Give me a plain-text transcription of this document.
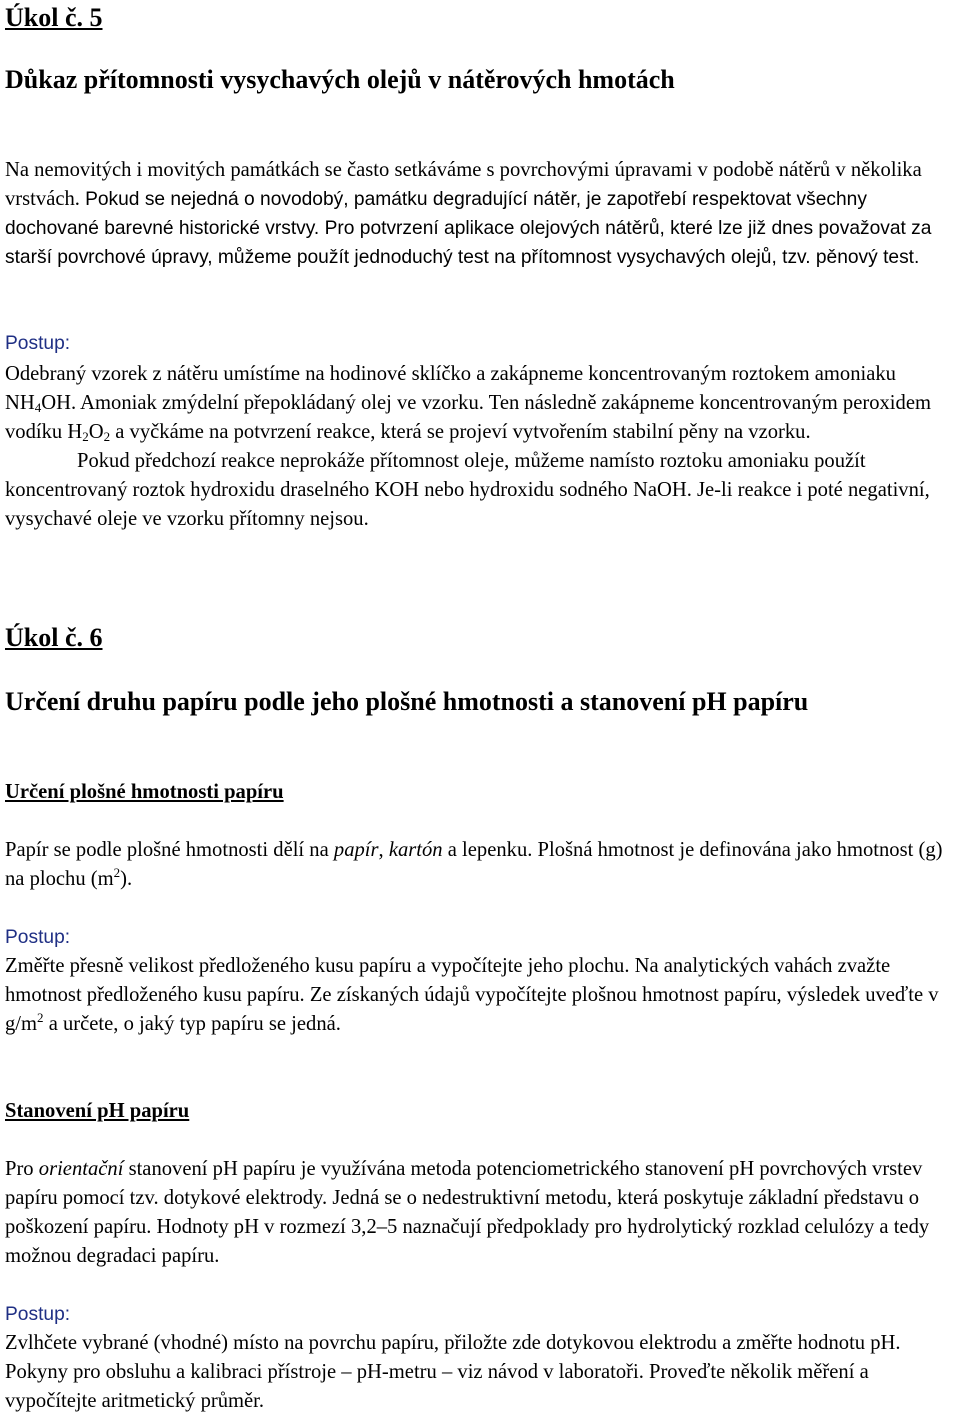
Úkol č. 5
Důkaz přítomnosti vysychavých olejů v nátěrových hmotách

Na nemovitých i movitých památkách se často setkáváme s povrchovými úpravami v podobě nátěrů v několika vrstvách. Pokud se nejedná o novodobý, památku degradující nátěr, je zapotřebí respektovat všechny dochované barevné historické vrstvy. Pro potvrzení aplikace olejových nátěrů, které lze již dnes považovat za starší povrchové úpravy, můžeme použít jednoduchý test na přítomnost vysychavých olejů, tzv. pěnový test.

Postup:

Odebraný vzorek z nátěru umístíme na hodinové sklíčko a zakápneme koncentrovaným roztokem amoniaku $NH_4OH$. Amoniak zmýdelní přepokládaný olej ve vzorku. Ten následně zakápneme koncentrovaným peroxidem vodíku $H_2O_2$ a vyčkáme na potvrzení reakce, která se projeví vytvořením stabilní pěny na vzorku.
Pokud předchozí reakce neprokáže přítomnost oleje, můžeme namísto roztoku amoniaku použít koncentrovaný roztok hydroxidu draselného KOH nebo hydroxidu sodného NaOH. Je-li reakce i poté negativní, vysychavé oleje ve vzorku přítomny nejsou.

Úkol č. 6
Určení druhu papíru podle jeho plošné hmotnosti a stanovení pH papíru
Určení plošné hmotnosti papíru

Papír se podle plošné hmotnosti dělí na papír, kartón a lepenku. Plošná hmotnost je definována jako hmotnost (g) na plochu $(m^2)$.

Postup:

Změřte přesně velikost předloženého kusu papíru a vypočítejte jeho plochu. Na analytických vahách zvažte hmotnost předloženého kusu papíru. Ze získaných údajů vypočítejte plošnou hmotnost papíru, výsledek uveďte v $g/m^2$ a určete, o jaký typ papíru se jedná.

Stanovení pH papíru

Pro orientační stanovení pH papíru je využívána metoda potenciometrického stanovení pH povrchových vrstev papíru pomocí tzv. dotykové elektrody. Jedná se o nedestruktivní metodu, která poskytuje základní představu o poškození papíru. Hodnoty pH v rozmezí 3,2–5 naznačují předpoklady pro hydrolytický rozklad celulózy a tedy možnou degradaci papíru.

Postup:

Zvlhčete vybrané (vhodné) místo na povrchu papíru, přiložte zde dotykovou elektrodu a změřte hodnotu pH. Pokyny pro obsluhu a kalibraci přístroje – pH-metru – viz návod v laboratoři. Proveďte několik měření a vypočítejte aritmetický průměr.
